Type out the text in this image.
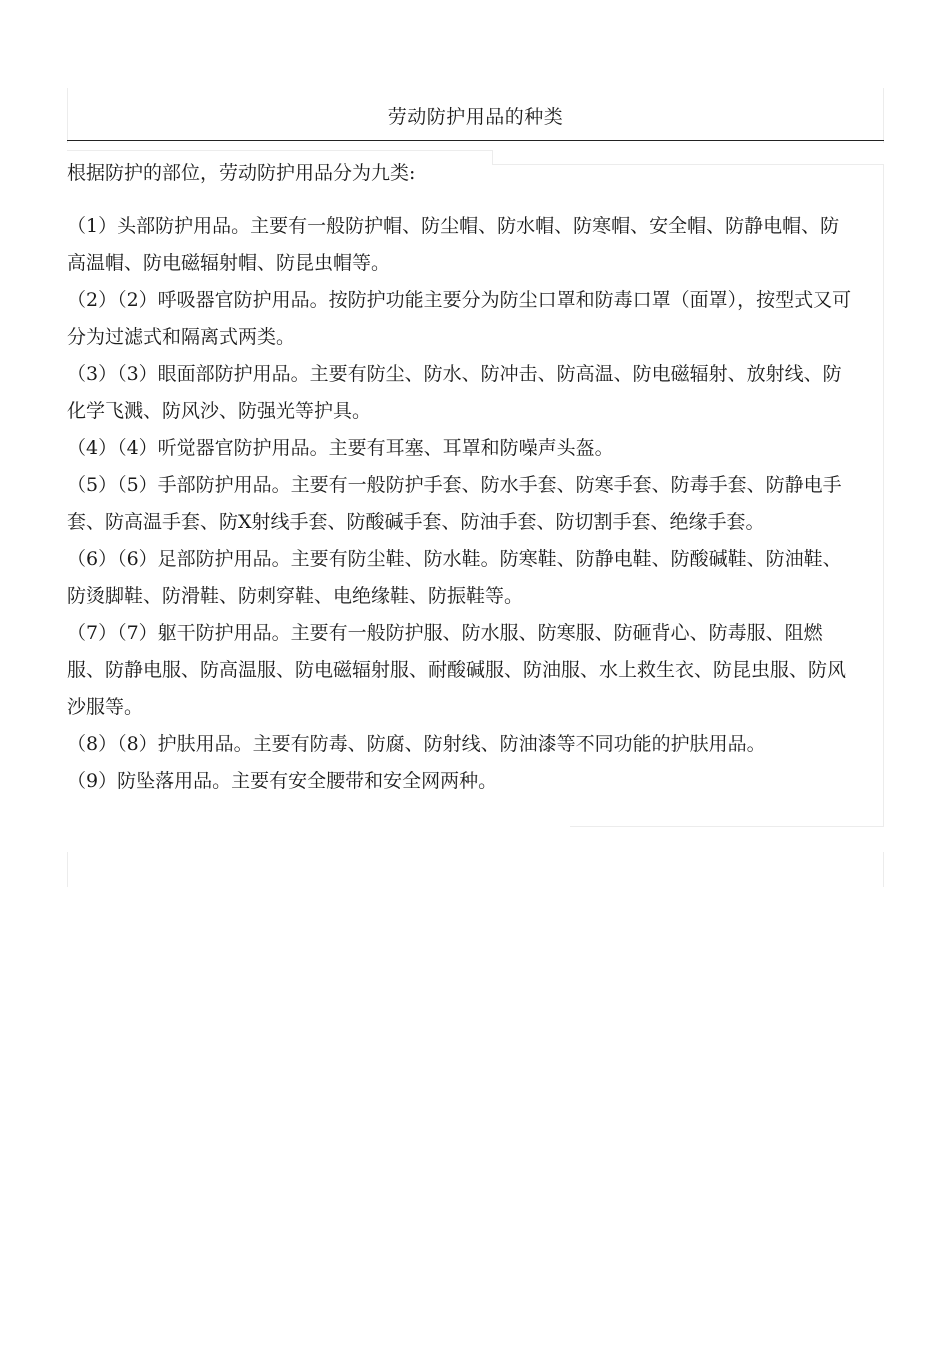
劳动防护用品的种类
根据防护的部位，劳动防护用品分为九类:

（1）头部防护用品。主要有一般防护帽、防尘帽、防水帽、防寒帽、安全帽、防静电帽、防高温帽、防电磁辐射帽、防昆虫帽等。

（2）（2）呼吸器官防护用品。按防护功能主要分为防尘口罩和防毒口罩（面罩），按型式又可分为过滤式和隔离式两类。

（3）（3）眼面部防护用品。主要有防尘、防水、防冲击、防高温、防电磁辐射、放射线、防化学飞溅、防风沙、防强光等护具。

（4）（4）听觉器官防护用品。主要有耳塞、耳罩和防噪声头盔。

（5）（5）手部防护用品。主要有一般防护手套、防水手套、防寒手套、防毒手套、防静电手套、防高温手套、防X射线手套、防酸碱手套、防油手套、防切割手套、绝缘手套。

（6）（6）足部防护用品。主要有防尘鞋、防水鞋。防寒鞋、防静电鞋、防酸碱鞋、防油鞋、防烫脚鞋、防滑鞋、防刺穿鞋、电绝缘鞋、防振鞋等。

（7）（7）躯干防护用品。主要有一般防护服、防水服、防寒服、防砸背心、防毒服、阻燃服、防静电服、防高温服、防电磁辐射服、耐酸碱服、防油服、水上救生衣、防昆虫服、防风沙服等。

（8）（8）护肤用品。主要有防毒、防腐、防射线、防油漆等不同功能的护肤用品。

（9）防坠落用品。主要有安全腰带和安全网两种。
